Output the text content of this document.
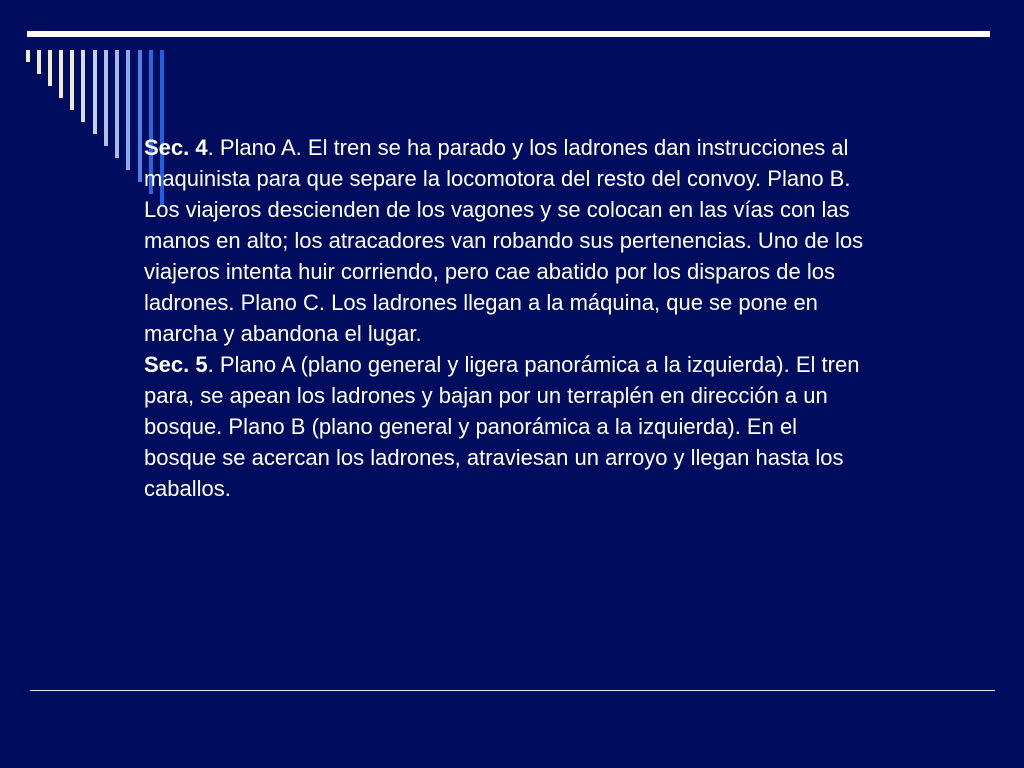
Sec. 4. Plano A. El tren se ha parado y los ladrones dan instrucciones al maquinista para que separe la locomotora del resto del convoy. Plano B. Los viajeros descienden de los vagones y se colocan en las vías con las manos en alto; los atracadores van robando sus pertenencias. Uno de los viajeros intenta huir corriendo, pero cae abatido por los disparos de los ladrones. Plano C. Los ladrones llegan a la máquina, que se pone en marcha y abandona el lugar.

Sec. 5. Plano A (plano general y ligera panorámica a la izquierda). El tren para, se apean los ladrones y bajan por un terraplén en dirección a un bosque. Plano B (plano general y panorámica a la izquierda). En el bosque se acercan los ladrones, atraviesan un arroyo y llegan hasta los caballos.
